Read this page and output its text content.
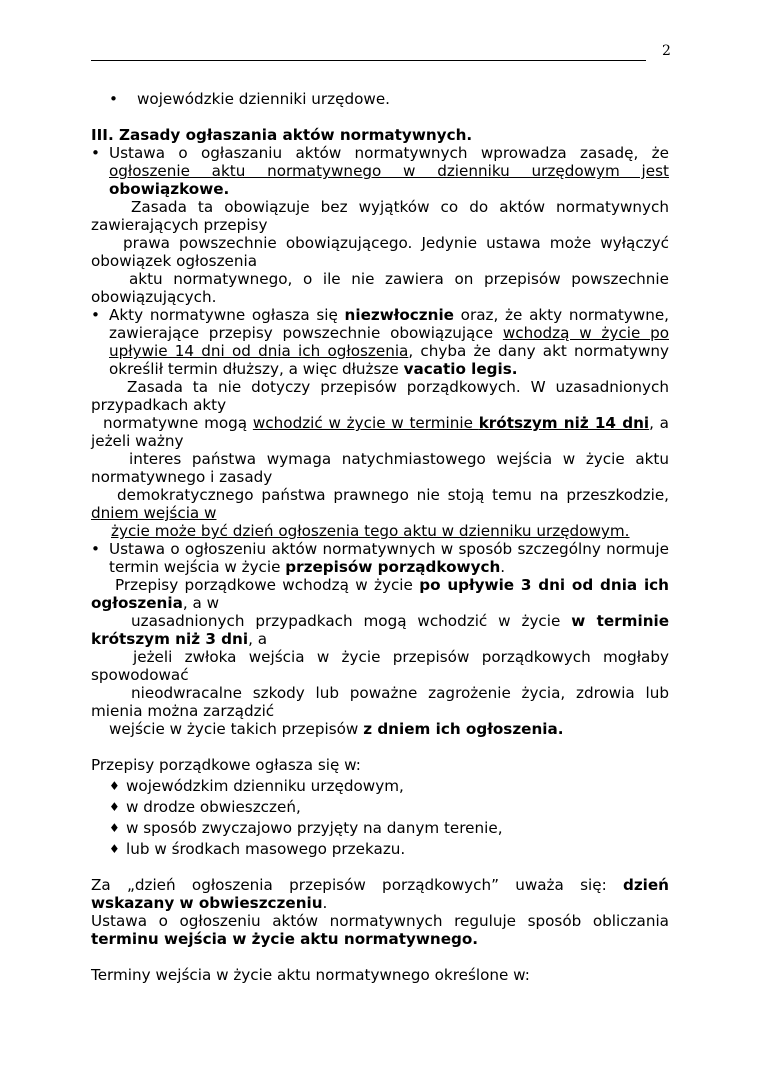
2

• wojewódzkie dzienniki urzędowe.

III. Zasady ogłaszania aktów normatywnych.

• Ustawa o ogłaszaniu aktów normatywnych wprowadza zasadę, że ogłoszenie aktu normatywnego w dzienniku urzędowym jest obowiązkowe.

Zasada ta obowiązuje bez wyjątków co do aktów normatywnych zawierających przepisy

prawa powszechnie obowiązującego. Jedynie ustawa może wyłączyć obowiązek ogłoszenia

aktu normatywnego, o ile nie zawiera on przepisów powszechnie obowiązujących.

• Akty normatywne ogłasza się niezwłocznie oraz, że akty normatywne, zawierające przepisy powszechnie obowiązujące wchodzą w życie po upływie 14 dni od dnia ich ogłoszenia, chyba że dany akt normatywny określił termin dłuższy, a więc dłuższe vacatio legis.

Zasada ta nie dotyczy przepisów porządkowych. W uzasadnionych przypadkach akty

normatywne mogą wchodzić w życie w terminie krótszym niż 14 dni, a jeżeli ważny

interes państwa wymaga natychmiastowego wejścia w życie aktu normatywnego i zasady

demokratycznego państwa prawnego nie stoją temu na przeszkodzie, dniem wejścia w

życie może być dzień ogłoszenia tego aktu w dzienniku urzędowym.

• Ustawa o ogłoszeniu aktów normatywnych w sposób szczególny normuje termin wejścia w życie przepisów porządkowych.

Przepisy porządkowe wchodzą w życie po upływie 3 dni od dnia ich ogłoszenia, a w

uzasadnionych przypadkach mogą wchodzić w życie w terminie krótszym niż 3 dni, a

jeżeli zwłoka wejścia w życie przepisów porządkowych mogłaby spowodować

nieodwracalne szkody lub poważne zagrożenie życia, zdrowia lub mienia można zarządzić

wejście w życie takich przepisów z dniem ich ogłoszenia.

Przepisy porządkowe ogłasza się w:

♦ wojewódzkim dzienniku urzędowym,

♦ w drodze obwieszczeń,

♦ w sposób zwyczajowo przyjęty na danym terenie,

♦ lub w środkach masowego przekazu.

Za „dzień ogłoszenia przepisów porządkowych” uważa się: dzień wskazany w obwieszczeniu.

Ustawa o ogłoszeniu aktów normatywnych reguluje sposób obliczania terminu wejścia w życie aktu normatywnego.

Terminy wejścia w życie aktu normatywnego określone w:
